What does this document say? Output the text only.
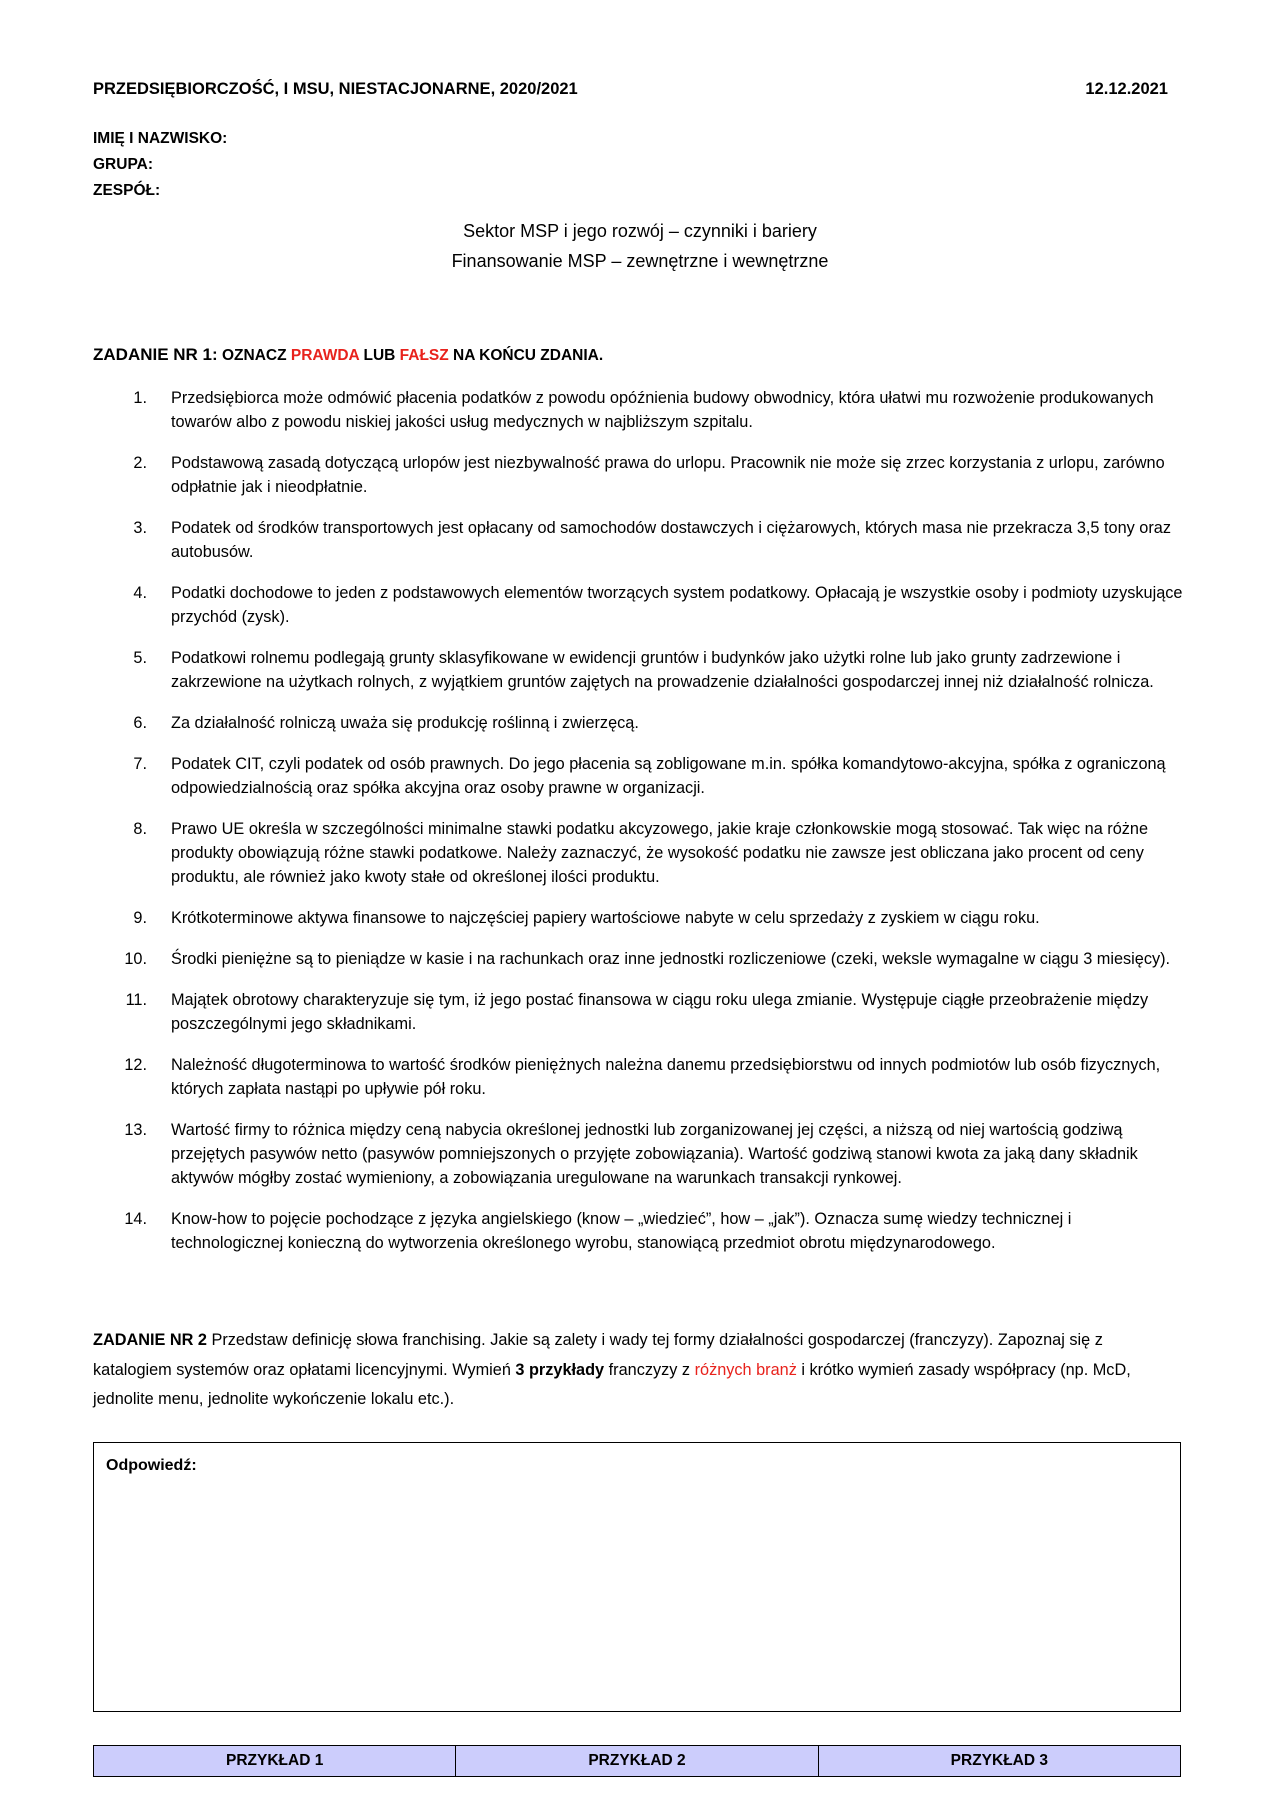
PRZEDSIĘBIORCZOŚĆ, I MSU, NIESTACJONARNE, 2020/2021	12.12.2021
IMIĘ I NAZWISKO:
GRUPA:
ZESPÓŁ:
Sektor MSP i jego rozwój – czynniki i bariery
Finansowanie MSP – zewnętrzne i wewnętrzne
ZADANIE NR 1: OZNACZ PRAWDA LUB FAŁSZ NA KOŃCU ZDANIA.
1.	Przedsiębiorca może odmówić płacenia podatków z powodu opóźnienia budowy obwodnicy, która ułatwi mu rozwożenie produkowanych towarów albo z powodu niskiej jakości usług medycznych w najbliższym szpitalu.
2.	Podstawową zasadą dotyczącą urlopów jest niezbywalność prawa do urlopu. Pracownik nie może się zrzec korzystania z urlopu, zarówno odpłatnie jak i nieodpłatnie.
3.	Podatek od środków transportowych jest opłacany od samochodów dostawczych i ciężarowych, których masa nie przekracza 3,5 tony oraz autobusów.
4.	Podatki dochodowe to jeden z podstawowych elementów tworzących system podatkowy. Opłacają je wszystkie osoby i podmioty uzyskujące przychód (zysk).
5.	Podatkowi rolnemu podlegają grunty sklasyfikowane w ewidencji gruntów i budynków jako użytki rolne lub jako grunty zadrzewione i zakrzewione na użytkach rolnych, z wyjątkiem gruntów zajętych na prowadzenie działalności gospodarczej innej niż działalność rolnicza.
6.	Za działalność rolniczą uważa się produkcję roślinną i zwierzęcą.
7.	Podatek CIT, czyli podatek od osób prawnych. Do jego płacenia są zobligowane m.in. spółka komandytowo-akcyjna, spółka z ograniczoną odpowiedzialnością oraz spółka akcyjna oraz osoby prawne w organizacji.
8.	Prawo UE określa w szczególności minimalne stawki podatku akcyzowego, jakie kraje członkowskie mogą stosować. Tak więc na różne produkty obowiązują różne stawki podatkowe. Należy zaznaczyć, że wysokość podatku nie zawsze jest obliczana jako procent od ceny produktu, ale również jako kwoty stałe od określonej ilości produktu.
9.	Krótkoterminowe aktywa finansowe to najczęściej papiery wartościowe nabyte w celu sprzedaży z zyskiem w ciągu roku.
10.	Środki pieniężne są to pieniądze w kasie i na rachunkach oraz inne jednostki rozliczeniowe (czeki, weksle wymagalne w ciągu 3 miesięcy).
11.	Majątek obrotowy charakteryzuje się tym, iż jego postać finansowa w ciągu roku ulega zmianie. Występuje ciągłe przeobrażenie między poszczególnymi jego składnikami.
12.	Należność długoterminowa to wartość środków pieniężnych należna danemu przedsiębiorstwu od innych podmiotów lub osób fizycznych, których zapłata nastąpi po upływie pół roku.
13.	Wartość firmy to różnica między ceną nabycia określonej jednostki lub zorganizowanej jej części, a niższą od niej wartością godziwą przejętych pasywów netto (pasywów pomniejszonych o przyjęte zobowiązania). Wartość godziwą stanowi kwota za jaką dany składnik aktywów mógłby zostać wymieniony, a zobowiązania uregulowane na warunkach transakcji rynkowej.
14.	Know-how to pojęcie pochodzące z języka angielskiego (know – „wiedzieć”, how – „jak”). Oznacza sumę wiedzy technicznej i technologicznej konieczną do wytworzenia określonego wyrobu, stanowiącą przedmiot obrotu międzynarodowego.
ZADANIE NR 2 Przedstaw definicję słowa franchising. Jakie są zalety i wady tej formy działalności gospodarczej (franczyzy). Zapoznaj się z katalogiem systemów oraz opłatami licencyjnymi. Wymień 3 przykłady franczyzy z różnych branż i krótko wymień zasady współpracy (np. McD, jednolite menu, jednolite wykończenie lokalu etc.).
Odpowiedź:
PRZYKŁAD 1	PRZYKŁAD 2	PRZYKŁAD 3
